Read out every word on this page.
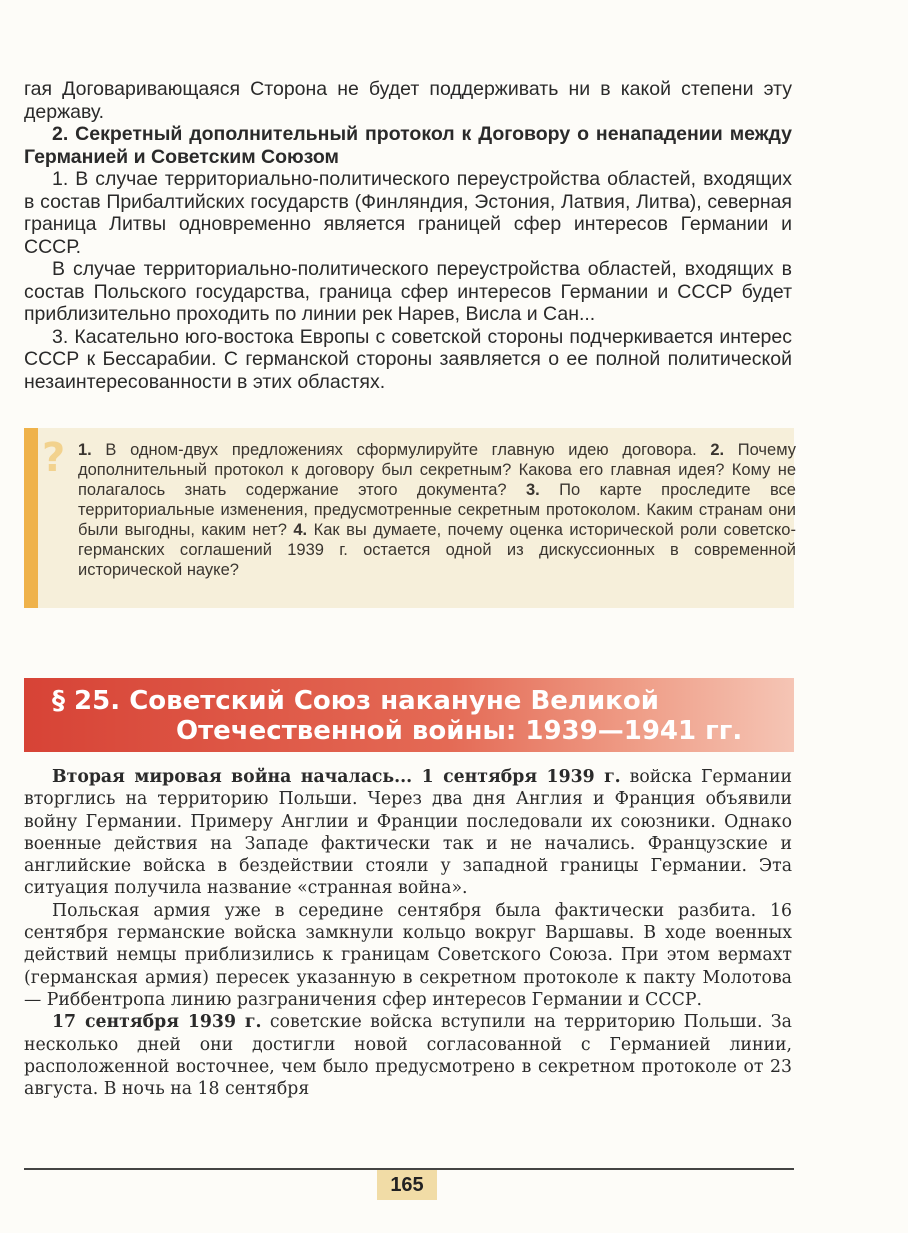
гая Договаривающаяся Сторона не будет поддерживать ни в какой степени эту державу.

2. Секретный дополнительный протокол к Договору о ненападении между Германией и Советским Союзом

1. В случае территориально-политического переустройства областей, входящих в состав Прибалтийских государств (Финляндия, Эстония, Латвия, Литва), северная граница Литвы одновременно является границей сфер интересов Германии и СССР.

В случае территориально-политического переустройства областей, входящих в состав Польского государства, граница сфер интересов Германии и СССР будет приблизительно проходить по линии рек Нарев, Висла и Сан...

3. Касательно юго-востока Европы с советской стороны подчеркивается интерес СССР к Бессарабии. С германской стороны заявляется о ее полной политической незаинтересованности в этих областях.

? 1. В одном-двух предложениях сформулируйте главную идею договора. 2. Почему дополнительный протокол к договору был секретным? Какова его главная идея? Кому не полагалось знать содержание этого документа? 3. По карте проследите все территориальные изменения, предусмотренные секретным протоколом. Каким странам они были выгодны, каким нет? 4. Как вы думаете, почему оценка исторической роли советско-германских соглашений 1939 г. остается одной из дискуссионных в современной исторической науке?
§ 25. Советский Союз накануне Великой
Отечественной войны: 1939—1941 гг.

Вторая мировая война началась... 1 сентября 1939 г. войска Германии вторглись на территорию Польши. Через два дня Англия и Франция объявили войну Германии. Примеру Англии и Франции последовали их союзники. Однако военные действия на Западе фактически так и не начались. Французские и английские войска в бездействии стояли у западной границы Германии. Эта ситуация получила название «странная война».

Польская армия уже в середине сентября была фактически разбита. 16 сентября германские войска замкнули кольцо вокруг Варшавы. В ходе военных действий немцы приблизились к границам Советского Союза. При этом вермахт (германская армия) пересек указанную в секретном протоколе к пакту Молотова — Риббентропа линию разграничения сфер интересов Германии и СССР.

17 сентября 1939 г. советские войска вступили на территорию Польши. За несколько дней они достигли новой согласованной с Германией линии, расположенной восточнее, чем было предусмотрено в секретном протоколе от 23 августа. В ночь на 18 сентября

165
